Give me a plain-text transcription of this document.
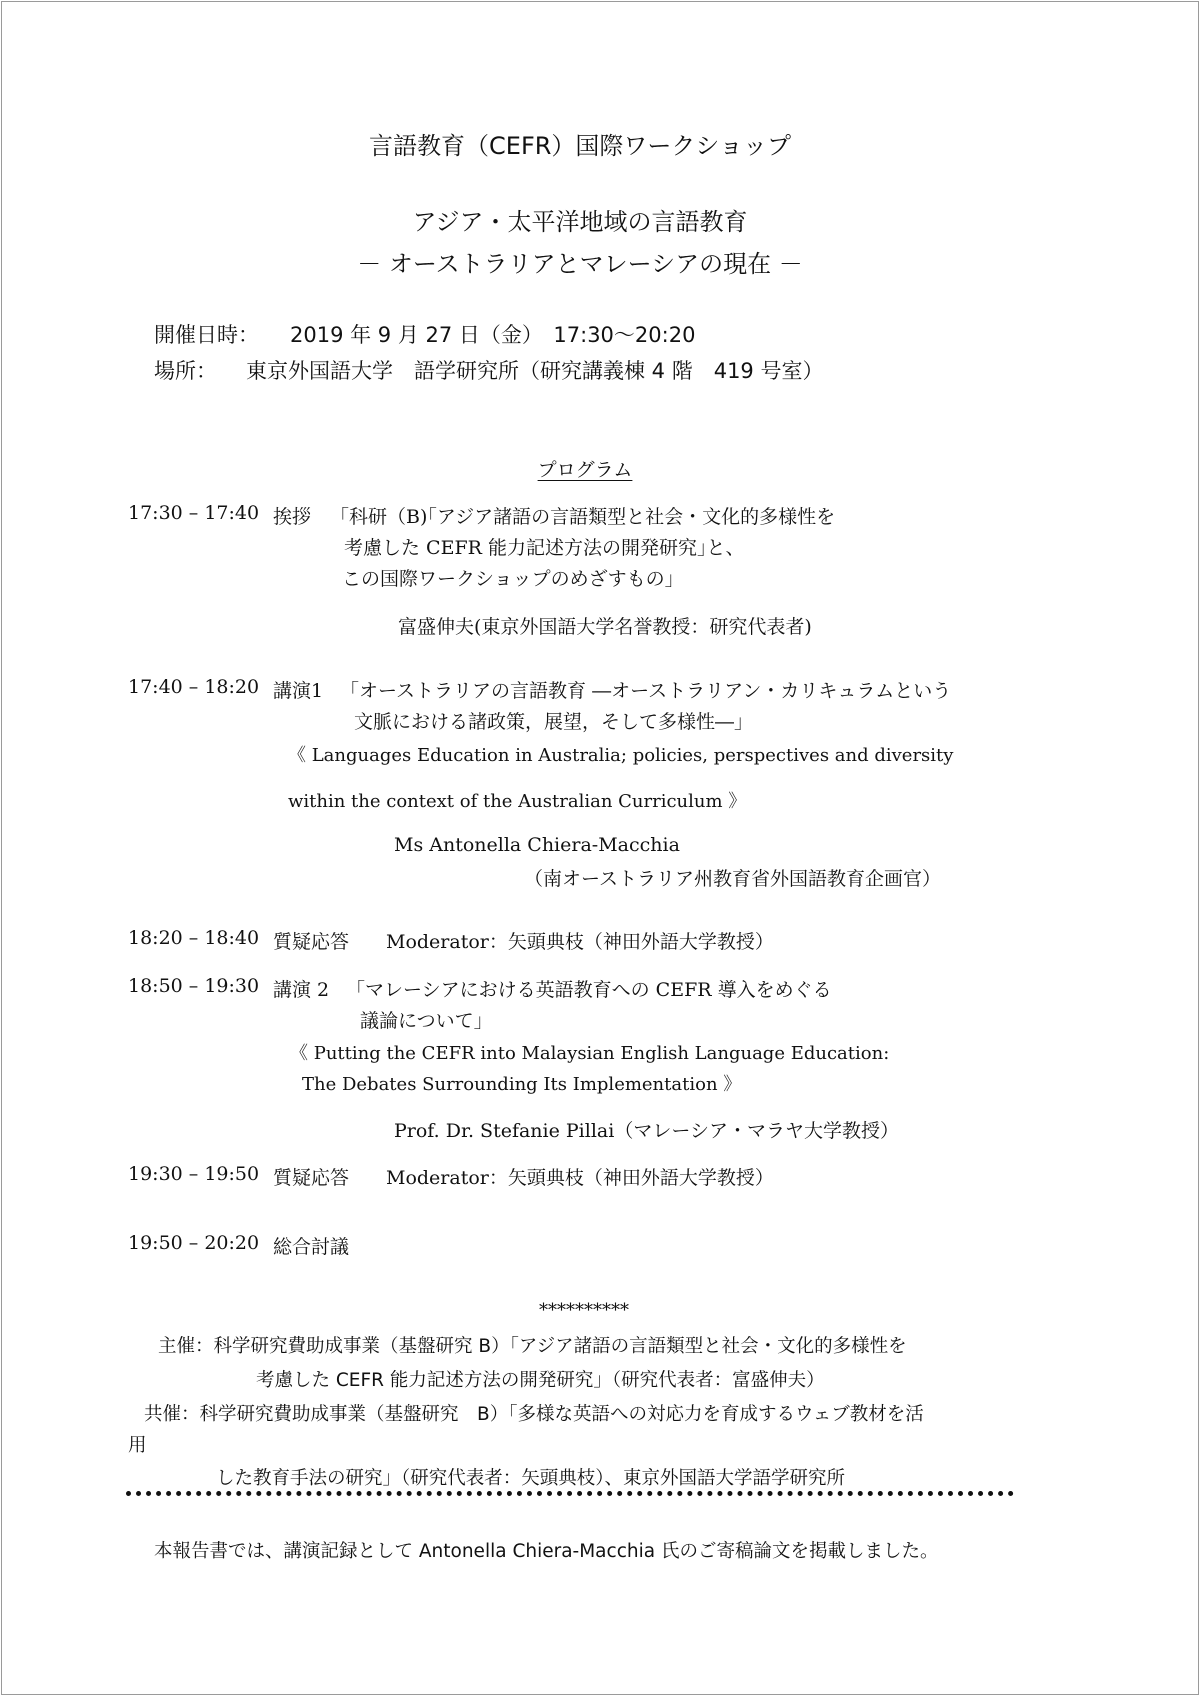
言語教育（CEFR）国際ワークショップ
アジア・太平洋地域の言語教育
－ オーストラリアとマレーシアの現在 －
開催日時： 2019 年 9 月 27 日（金）　17:30～20:20
場所： 東京外国語大学　語学研究所（研究講義棟 4 階　419 号室）
プログラム
17:30 – 17:40 挨拶 「科研（B)｢アジア諸語の言語類型と社会・文化的多様性を
考慮した CEFR 能力記述方法の開発研究｣と、
この国際ワークショップのめざすもの」
富盛伸夫(東京外国語大学名誉教授：研究代表者)
17:40 – 18:20 講演1 「オーストラリアの言語教育 ―オーストラリアン・カリキュラムという
文脈における諸政策，展望，そして多様性―」
《 Languages Education in Australia; policies, perspectives and diversity
within the context of the Australian Curriculum 》
Ms Antonella Chiera-Macchia
（南オーストラリア州教育省外国語教育企画官）
18:20 – 18:40 質疑応答 Moderator：矢頭典枝（神田外語大学教授）
18:50 – 19:30 講演 2 「マレーシアにおける英語教育への CEFR 導入をめぐる
議論について」
《 Putting the CEFR into Malaysian English Language Education:
The Debates Surrounding Its Implementation 》
Prof. Dr. Stefanie Pillai（マレーシア・マラヤ大学教授）
19:30 – 19:50 質疑応答 Moderator：矢頭典枝（神田外語大学教授）
19:50 – 20:20 総合討議
**********
主催：科学研究費助成事業（基盤研究 B）｢アジア諸語の言語類型と社会・文化的多様性を
考慮した CEFR 能力記述方法の開発研究｣（研究代表者：富盛伸夫）
共催：科学研究費助成事業（基盤研究　B）｢多様な英語への対応力を育成するウェブ教材を活
用
した教育手法の研究｣（研究代表者：矢頭典枝）、東京外国語大学語学研究所
本報告書では、講演記録として Antonella Chiera-Macchia 氏のご寄稿論文を掲載しました。
